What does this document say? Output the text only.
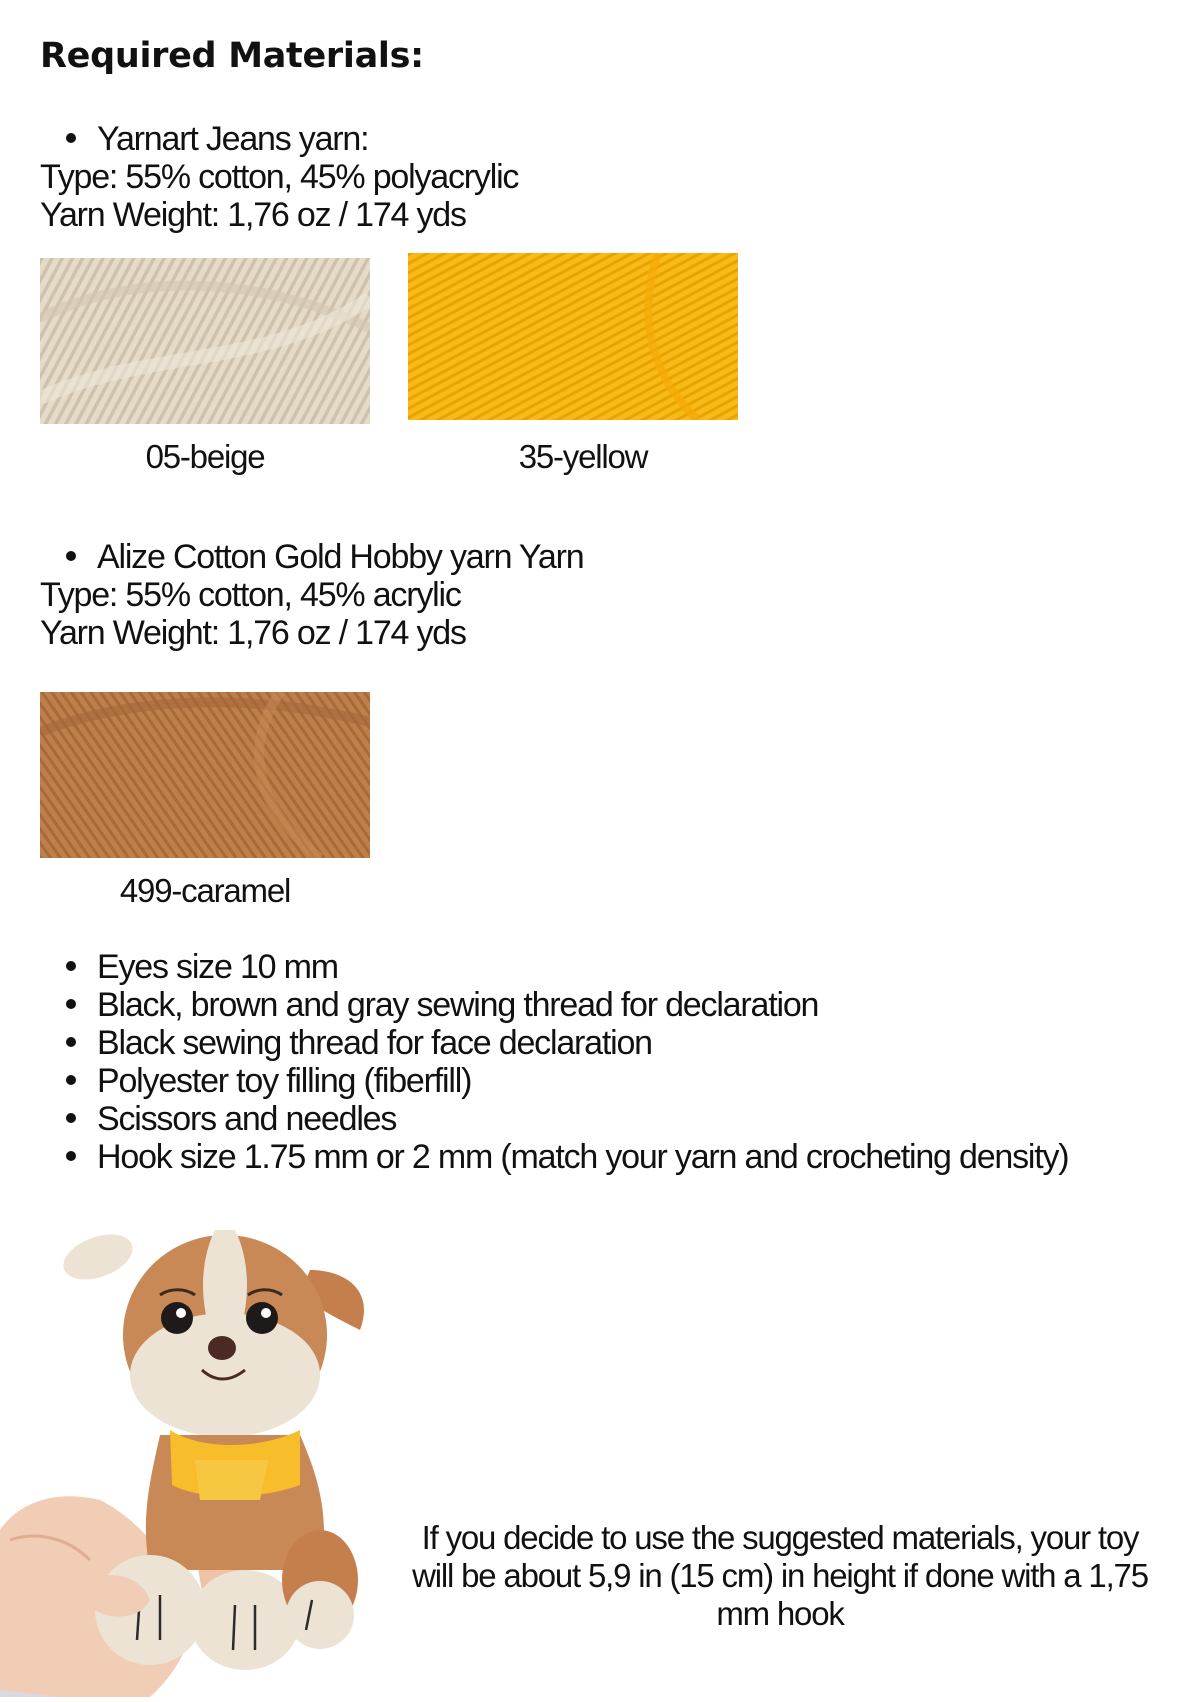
Required Materials:
Yarnart Jeans yarn:
Type: 55% cotton, 45% polyacrylic
Yarn Weight: 1,76 oz / 174 yds
05-beige	35-yellow
Alize Cotton Gold Hobby yarn Yarn
Type: 55% cotton, 45% acrylic
Yarn Weight: 1,76 oz / 174 yds
499-caramel
Eyes size 10 mm
Black, brown and gray sewing thread for declaration
Black sewing thread for face declaration
Polyester toy filling (fiberfill)
Scissors and needles
Hook size 1.75 mm or 2 mm (match your yarn and crocheting density)
If you decide to use the suggested materials, your toy will be about 5,9 in (15 cm) in height if done with a 1,75 mm hook
